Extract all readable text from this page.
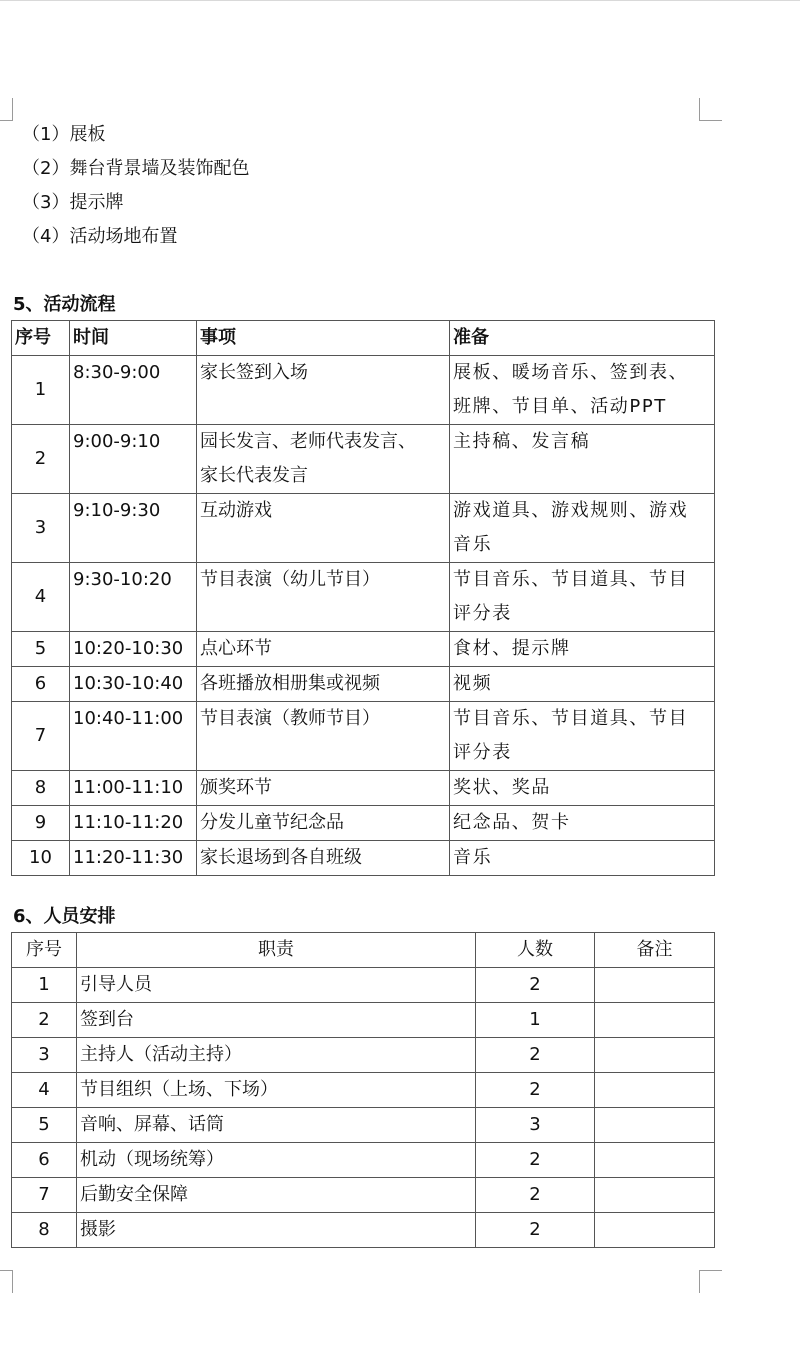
（1）展板
（2）舞台背景墙及装饰配色
（3）提示牌
（4）活动场地布置
5、活动流程
序号	时间	事项	准备
1	8:30-9:00	家长签到入场	展板、暖场音乐、签到表、
班牌、节目单、活动PPT

2	9:00-9:10	园长发言、老师代表发言、
家长代表发言	主持稿、发言稿

3	9:10-9:30	互动游戏	游戏道具、游戏规则、游戏
音乐

4	9:30-10:20	节目表演（幼儿节目）	节目音乐、节目道具、节目
评分表

5	10:20-10:30	点心环节	食材、提示牌

6	10:30-10:40	各班播放相册集或视频	视频

7	10:40-11:00	节目表演（教师节目）	节目音乐、节目道具、节目
评分表

8	11:00-11:10	颁奖环节	奖状、奖品

9	11:10-11:20	分发儿童节纪念品	纪念品、贺卡

10	11:20-11:30	家长退场到各自班级	音乐
6、人员安排
序号	职责	人数	备注
1	引导人员	2	
2	签到台	1	
3	主持人（活动主持）	2	
4	节目组织（上场、下场）	2	
5	音响、屏幕、话筒	3	
6	机动（现场统筹）	2	
7	后勤安全保障	2	
8	摄影	2	
